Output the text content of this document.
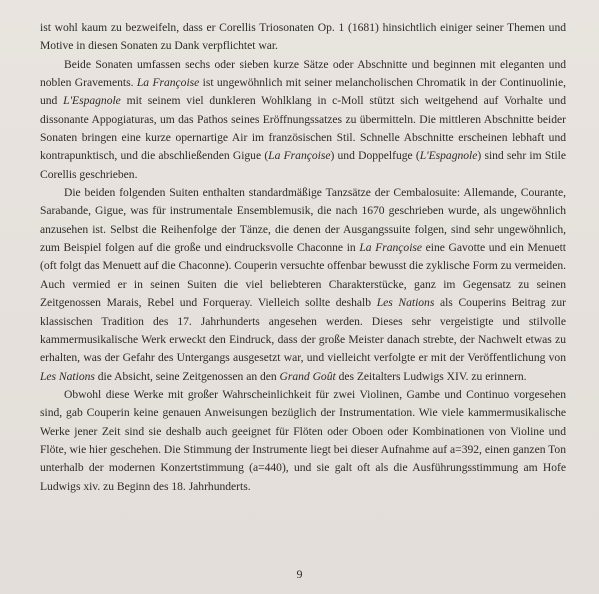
ist wohl kaum zu bezweifeln, dass er Corellis Triosonaten Op. 1 (1681) hinsichtlich einiger seiner Themen und Motive in diesen Sonaten zu Dank verpflichtet war.

Beide Sonaten umfassen sechs oder sieben kurze Sätze oder Abschnitte und beginnen mit eleganten und noblen Gravements. La Françoise ist ungewöhnlich mit seiner melancholischen Chromatik in der Continuolinie, und L'Espagnole mit seinem viel dunkleren Wohlklang in c-Moll stützt sich weitgehend auf Vorhalte und dissonante Appogiaturas, um das Pathos seines Eröffnungssatzes zu übermitteln. Die mittleren Abschnitte beider Sonaten bringen eine kurze opernartige Air im französischen Stil. Schnelle Abschnitte erscheinen lebhaft und kontrapunktisch, und die abschließenden Gigue (La Françoise) und Doppelfuge (L'Espagnole) sind sehr im Stile Corellis geschrieben.

Die beiden folgenden Suiten enthalten standardmäßige Tanzsätze der Cembalosuite: Allemande, Courante, Sarabande, Gigue, was für instrumentale Ensemblemusik, die nach 1670 geschrieben wurde, als ungewöhnlich anzusehen ist. Selbst die Reihenfolge der Tänze, die denen der Ausgangssuite folgen, sind sehr ungewöhnlich, zum Beispiel folgen auf die große und eindrucksvolle Chaconne in La Françoise eine Gavotte und ein Menuett (oft folgt das Menuett auf die Chaconne). Couperin versuchte offenbar bewusst die zyklische Form zu vermeiden. Auch vermied er in seinen Suiten die viel beliebteren Charakterstücke, ganz im Gegensatz zu seinen Zeitgenossen Marais, Rebel und Forqueray. Vielleich sollte deshalb Les Nations als Couperins Beitrag zur klassischen Tradition des 17. Jahrhunderts angesehen werden. Dieses sehr vergeistigte und stilvolle kammermusikalische Werk erweckt den Eindruck, dass der große Meister danach strebte, der Nachwelt etwas zu erhalten, was der Gefahr des Untergangs ausgesetzt war, und vielleicht verfolgte er mit der Veröffentlichung von Les Nations die Absicht, seine Zeitgenossen an den Grand Goût des Zeitalters Ludwigs XIV. zu erinnern.

Obwohl diese Werke mit großer Wahrscheinlichkeit für zwei Violinen, Gambe und Continuo vorgesehen sind, gab Couperin keine genauen Anweisungen bezüglich der Instrumentation. Wie viele kammermusikalische Werke jener Zeit sind sie deshalb auch geeignet für Flöten oder Oboen oder Kombinationen von Violine und Flöte, wie hier geschehen. Die Stimmung der Instrumente liegt bei dieser Aufnahme auf a=392, einen ganzen Ton unterhalb der modernen Konzertstimmung (a=440), und sie galt oft als die Ausführungsstimmung am Hofe Ludwigs xiv. zu Beginn des 18. Jahrhunderts.

9
